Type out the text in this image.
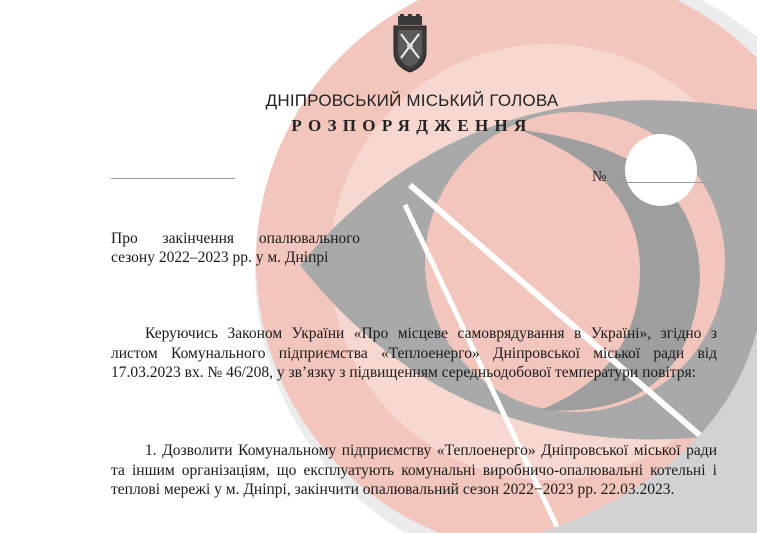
ДНІПРОВСЬКИЙ МІСЬКИЙ ГОЛОВА
РОЗПОРЯДЖЕННЯ
№
Про закінчення опалювального
сезону 2022–2023 рр. у м. Дніпрі
Керуючись Законом України «Про місцеве самоврядування в Україні», згідно з листом Комунального підприємства «Теплоенерго» Дніпровської міської ради від 17.03.2023 вх. № 46/208, у зв’язку з підвищенням середньодобової температури повітря:
1. Дозволити Комунальному підприємству «Теплоенерго» Дніпровської міської ради та іншим організаціям, що експлуатують комунальні виробничо-опалювальні котельні і теплові мережі у м. Дніпрі, закінчити опалювальний сезон 2022−2023 рр. 22.03.2023.
